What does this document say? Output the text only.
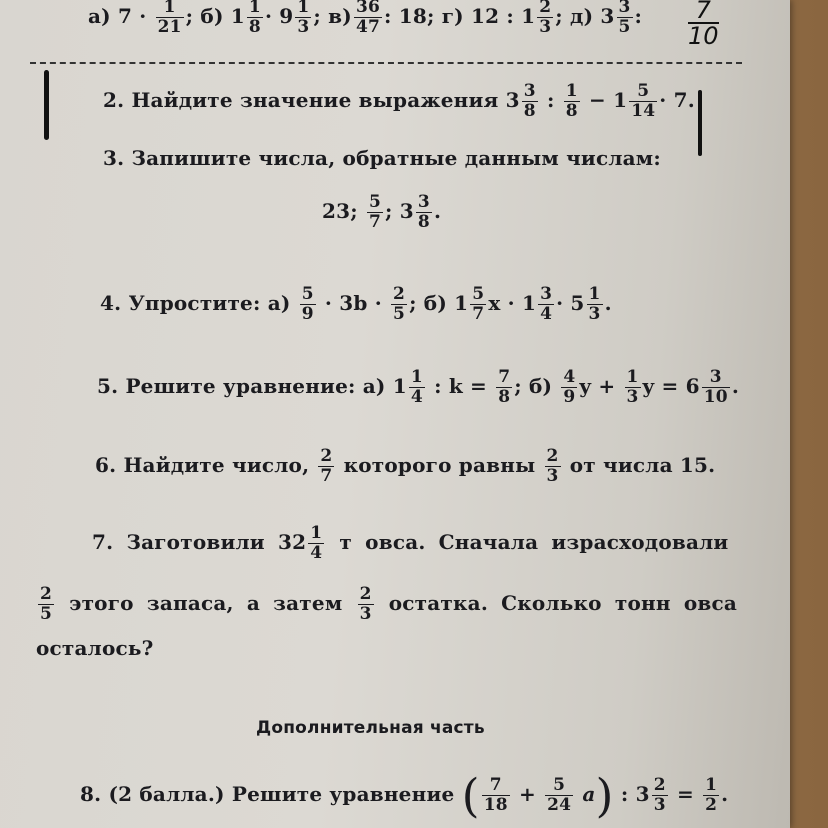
а) $7 \cdot \frac{1}{21}$ ; б) $1 \frac{1}{8} \cdot 9 \frac{1}{3}$ ; $в) \frac{36}{47}$ : 18; г) 12 : $1 \frac{2}{3}$ ; д) $3 \frac{3}{5}$ : $\frac{7}{10}$
2. Найдите значение выражения $3 \frac{3}{8}$ : $\frac{1}{8} - 1 \frac{5}{14} \cdot 7$.
3. Запишите числа, обратные данным числам:
23; $\frac{5}{7}$ ; $3 \frac{3}{8}$ .
4. Упростите: $а) \frac{5}{9} \cdot 3b \cdot \frac{2}{5}$ ; б) $1 \frac{5}{7}$ $x \cdot 1 \frac{3}{4} \cdot 5 \frac{1}{3}$ .
5. Решите уравнение: а) $1 \frac{1}{4}$ : $k = \frac{7}{8}$ ; $б) \frac{4}{9}$ $y + \frac{1}{3}$ $y = 6 \frac{3}{10}$ .
6. Найдите число, $\frac{2}{7}$ которого равны $\frac{2}{3}$ от числа 15.
7. Заготовили $32 \frac{1}{4}$ т овса. Сначала израсходовали
$\frac{2}{5}$ этого запаса, а затем $\frac{2}{3}$ остатка. Сколько тонн овса
осталось?
Дополнительная часть
8. (2 балла.) Решите уравнение ( $\frac{7}{18} + \frac{5}{24} a$) : $3 \frac{2}{3} = \frac{1}{2}$ .
